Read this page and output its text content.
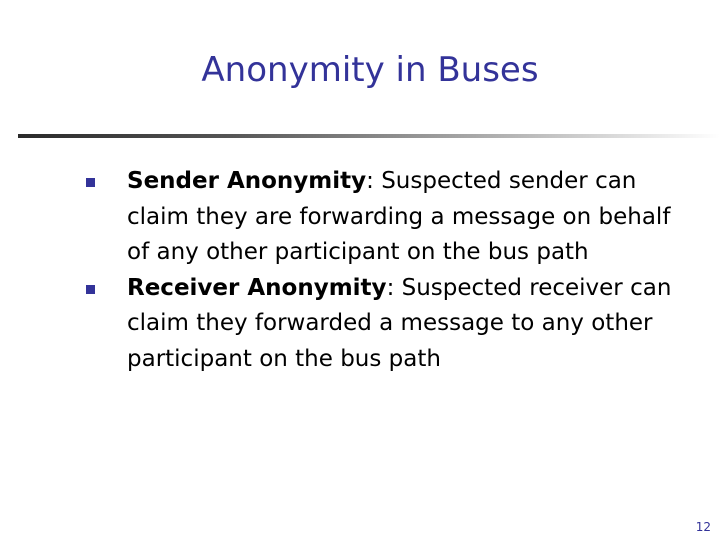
Anonymity in Buses
Sender Anonymity: Suspected sender can claim they are forwarding a message on behalf of any other participant on the bus path
Receiver Anonymity: Suspected receiver can claim they forwarded a message to any other participant on the bus path
12
